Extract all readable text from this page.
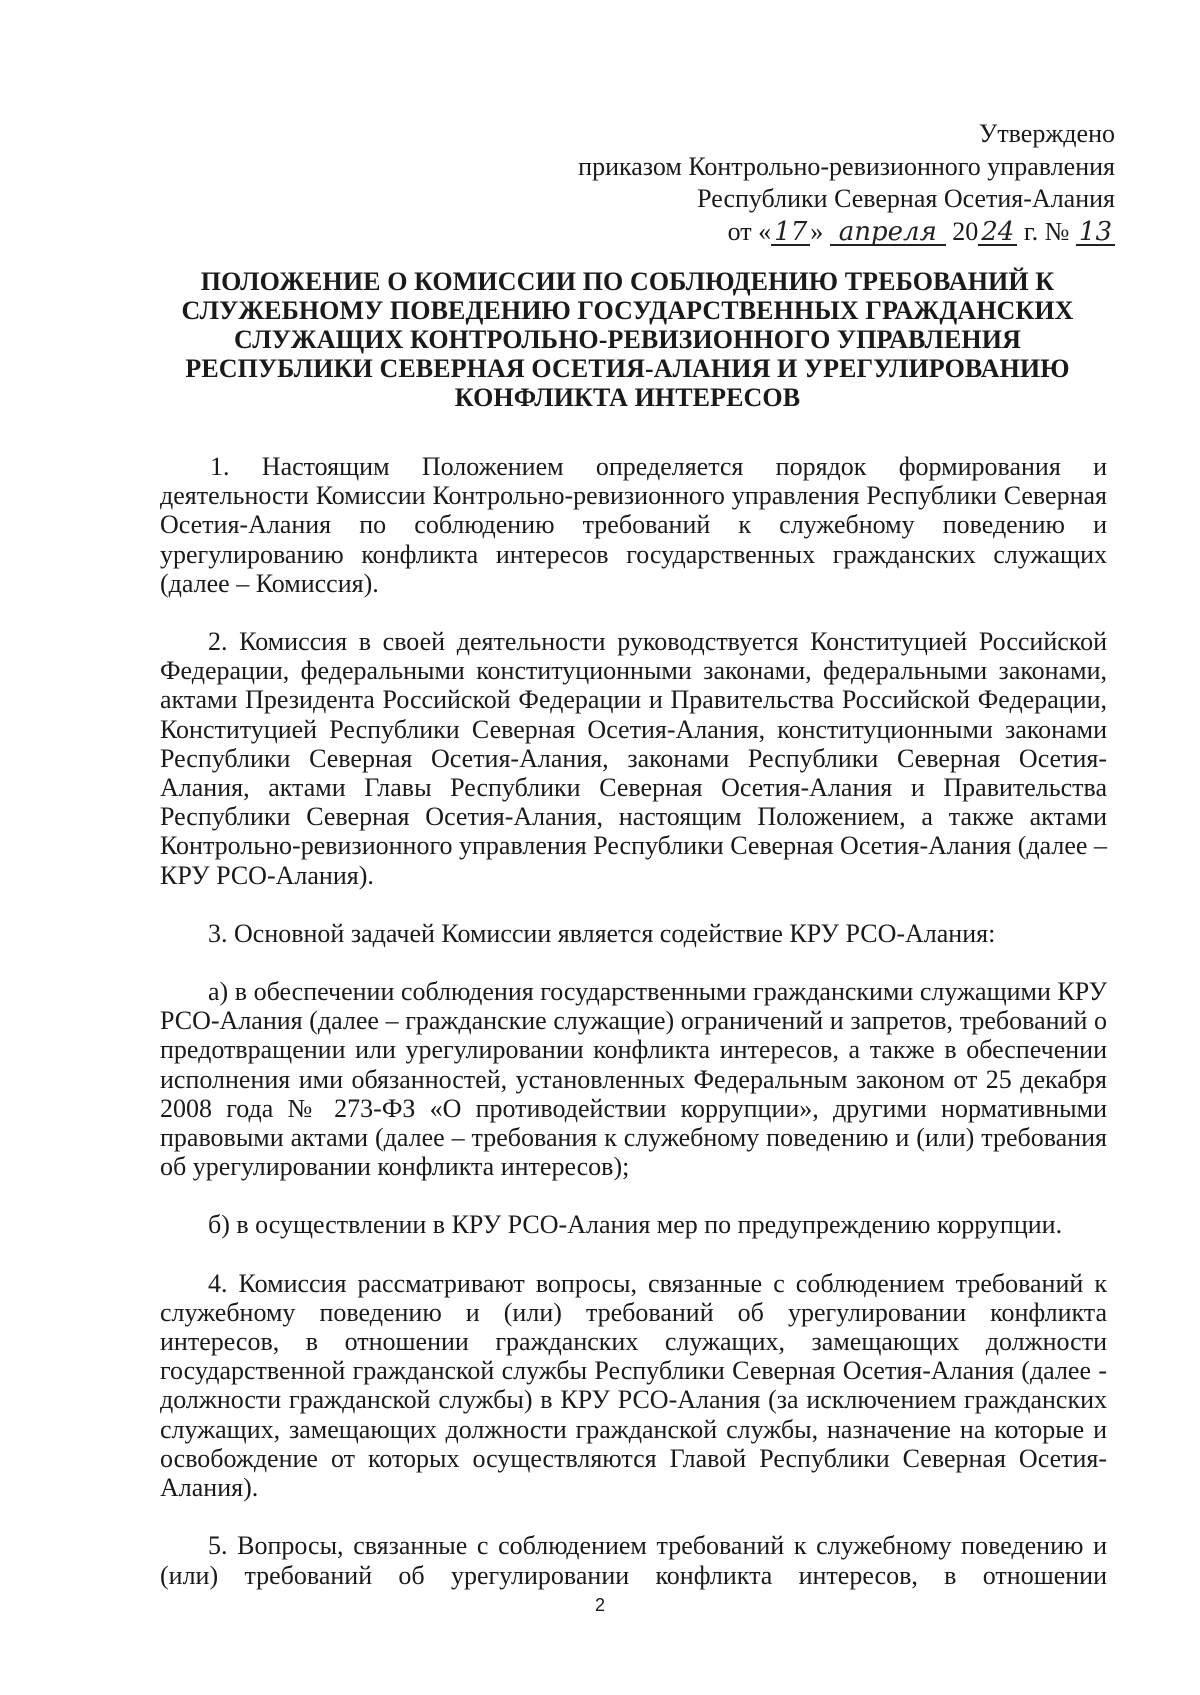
Утверждено
приказом Контрольно-ревизионного управления
Республики Северная Осетия-Алания
от « 17 » апреля 20 24 г. № 13
ПОЛОЖЕНИЕ О КОМИССИИ ПО СОБЛЮДЕНИЮ ТРЕБОВАНИЙ К СЛУЖЕБНОМУ ПОВЕДЕНИЮ ГОСУДАРСТВЕННЫХ ГРАЖДАНСКИХ СЛУЖАЩИХ КОНТРОЛЬНО-РЕВИЗИОННОГО УПРАВЛЕНИЯ РЕСПУБЛИКИ СЕВЕРНАЯ ОСЕТИЯ-АЛАНИЯ И УРЕГУЛИРОВАНИЮ КОНФЛИКТА ИНТЕРЕСОВ

1. Настоящим Положением определяется порядок формирования и деятельности Комиссии Контрольно-ревизионного управления Республики Северная Осетия-Алания по соблюдению требований к служебному поведению и урегулированию конфликта интересов государственных гражданских служащих (далее – Комиссия).

2. Комиссия в своей деятельности руководствуется Конституцией Российской Федерации, федеральными конституционными законами, федеральными законами, актами Президента Российской Федерации и Правительства Российской Федерации, Конституцией Республики Северная Осетия-Алания, конституционными законами Республики Северная Осетия-Алания, законами Республики Северная Осетия-Алания, актами Главы Республики Северная Осетия-Алания и Правительства Республики Северная Осетия-Алания, настоящим Положением, а также актами Контрольно-ревизионного управления Республики Северная Осетия-Алания (далее – КРУ РСО-Алания).

3. Основной задачей Комиссии является содействие КРУ РСО-Алания:

а) в обеспечении соблюдения государственными гражданскими служащими КРУ РСО-Алания (далее – гражданские служащие) ограничений и запретов, требований о предотвращении или урегулировании конфликта интересов, а также в обеспечении исполнения ими обязанностей, установленных Федеральным законом от 25 декабря 2008 года № 273-ФЗ «О противодействии коррупции», другими нормативными правовыми актами (далее – требования к служебному поведению и (или) требования об урегулировании конфликта интересов);

б) в осуществлении в КРУ РСО-Алания мер по предупреждению коррупции.

4. Комиссия рассматривают вопросы, связанные с соблюдением требований к служебному поведению и (или) требований об урегулировании конфликта интересов, в отношении гражданских служащих, замещающих должности государственной гражданской службы Республики Северная Осетия-Алания (далее - должности гражданской службы) в КРУ РСО-Алания (за исключением гражданских служащих, замещающих должности гражданской службы, назначение на которые и освобождение от которых осуществляются Главой Республики Северная Осетия-Алания).

5. Вопросы, связанные с соблюдением требований к служебному поведению и (или) требований об урегулировании конфликта интересов, в отношении

2
